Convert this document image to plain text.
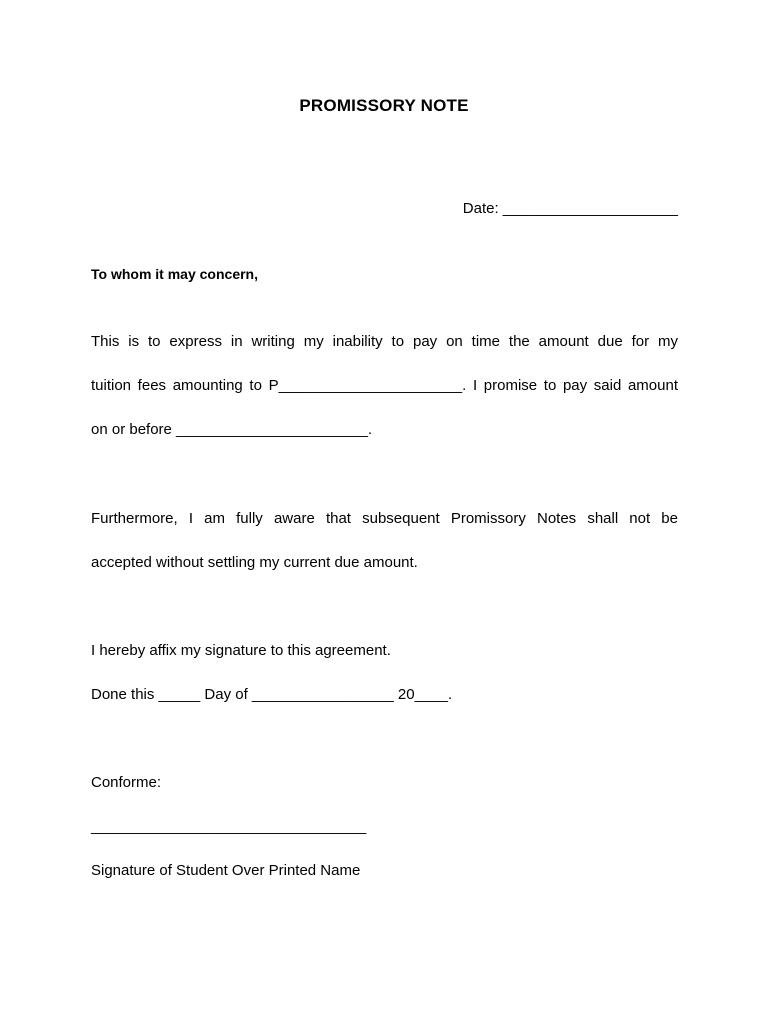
PROMISSORY NOTE
Date: _____________________
To whom it may concern,
This is to express in writing my inability to pay on time the amount due for my
tuition fees amounting to P______________________. I promise to pay said amount
on or before _______________________.
Furthermore, I am fully aware that subsequent Promissory Notes shall not be
accepted without settling my current due amount.
I hereby affix my signature to this agreement.
Done this _____ Day of _________________ 20____.
Conforme:
_________________________________
Signature of Student Over Printed Name
